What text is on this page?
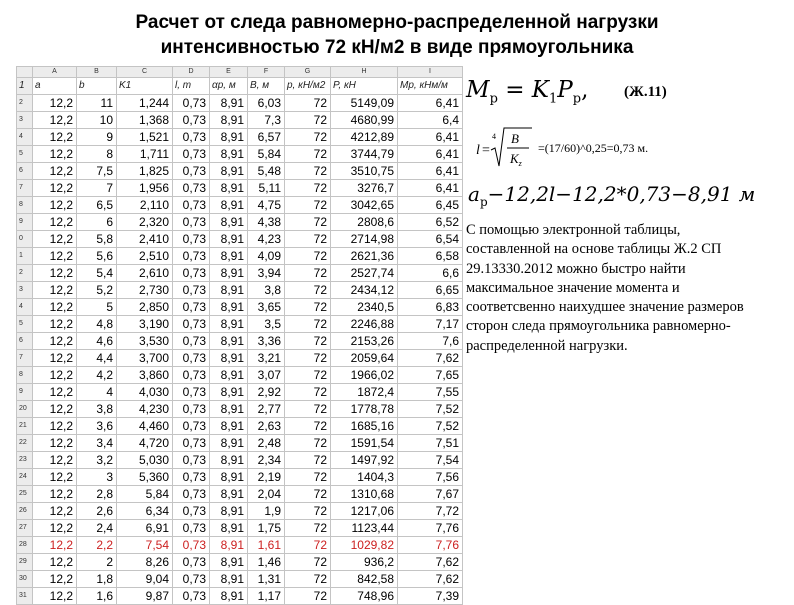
Расчет от следа равномерно-распределенной нагрузки
интенсивностью 72 кН/м2 в виде прямоугольника
	A	B	C	D	E	F	G	H	I
1	a	b	K1	l, m	αp, м	B, м	p, кН/м2	P, кН	Mp, кНм/м
2	12,2	11	1,244	0,73	8,91	6,03	72	5149,09	6,41
3	12,2	10	1,368	0,73	8,91	7,3	72	4680,99	6,4
4	12,2	9	1,521	0,73	8,91	6,57	72	4212,89	6,41
5	12,2	8	1,711	0,73	8,91	5,84	72	3744,79	6,41
6	12,2	7,5	1,825	0,73	8,91	5,48	72	3510,75	6,41
7	12,2	7	1,956	0,73	8,91	5,11	72	3276,7	6,41
8	12,2	6,5	2,110	0,73	8,91	4,75	72	3042,65	6,45
9	12,2	6	2,320	0,73	8,91	4,38	72	2808,6	6,52
0	12,2	5,8	2,410	0,73	8,91	4,23	72	2714,98	6,54
1	12,2	5,6	2,510	0,73	8,91	4,09	72	2621,36	6,58
2	12,2	5,4	2,610	0,73	8,91	3,94	72	2527,74	6,6
3	12,2	5,2	2,730	0,73	8,91	3,8	72	2434,12	6,65
4	12,2	5	2,850	0,73	8,91	3,65	72	2340,5	6,83
5	12,2	4,8	3,190	0,73	8,91	3,5	72	2246,88	7,17
6	12,2	4,6	3,530	0,73	8,91	3,36	72	2153,26	7,6
7	12,2	4,4	3,700	0,73	8,91	3,21	72	2059,64	7,62
8	12,2	4,2	3,860	0,73	8,91	3,07	72	1966,02	7,65
9	12,2	4	4,030	0,73	8,91	2,92	72	1872,4	7,55
20	12,2	3,8	4,230	0,73	8,91	2,77	72	1778,78	7,52
21	12,2	3,6	4,460	0,73	8,91	2,63	72	1685,16	7,52
22	12,2	3,4	4,720	0,73	8,91	2,48	72	1591,54	7,51
23	12,2	3,2	5,030	0,73	8,91	2,34	72	1497,92	7,54
24	12,2	3	5,360	0,73	8,91	2,19	72	1404,3	7,56
25	12,2	2,8	5,84	0,73	8,91	2,04	72	1310,68	7,67
26	12,2	2,6	6,34	0,73	8,91	1,9	72	1217,06	7,72
27	12,2	2,4	6,91	0,73	8,91	1,75	72	1123,44	7,76
28	12,2	2,2	7,54	0,73	8,91	1,61	72	1029,82	7,76
29	12,2	2	8,26	0,73	8,91	1,46	72	936,2	7,62
30	12,2	1,8	9,04	0,73	8,91	1,31	72	842,58	7,62
31	12,2	1,6	9,87	0,73	8,91	1,17	72	748,96	7,39
$M_р = K_1P_р$, (Ж.11)
l =
4 B
$K_z$
=(17/60)^0,25=0,73 м.
$a_р-12,2l-12,2*0,73-8,91$ м
С помощью электронной таблицы, составленной на основе таблицы Ж.2 СП 29.13330.2012 можно быстро найти максимальное значение момента и соответсвенно наихудшее значение размеров сторон следа прямоугольника равномерно-распределенной нагрузки.
